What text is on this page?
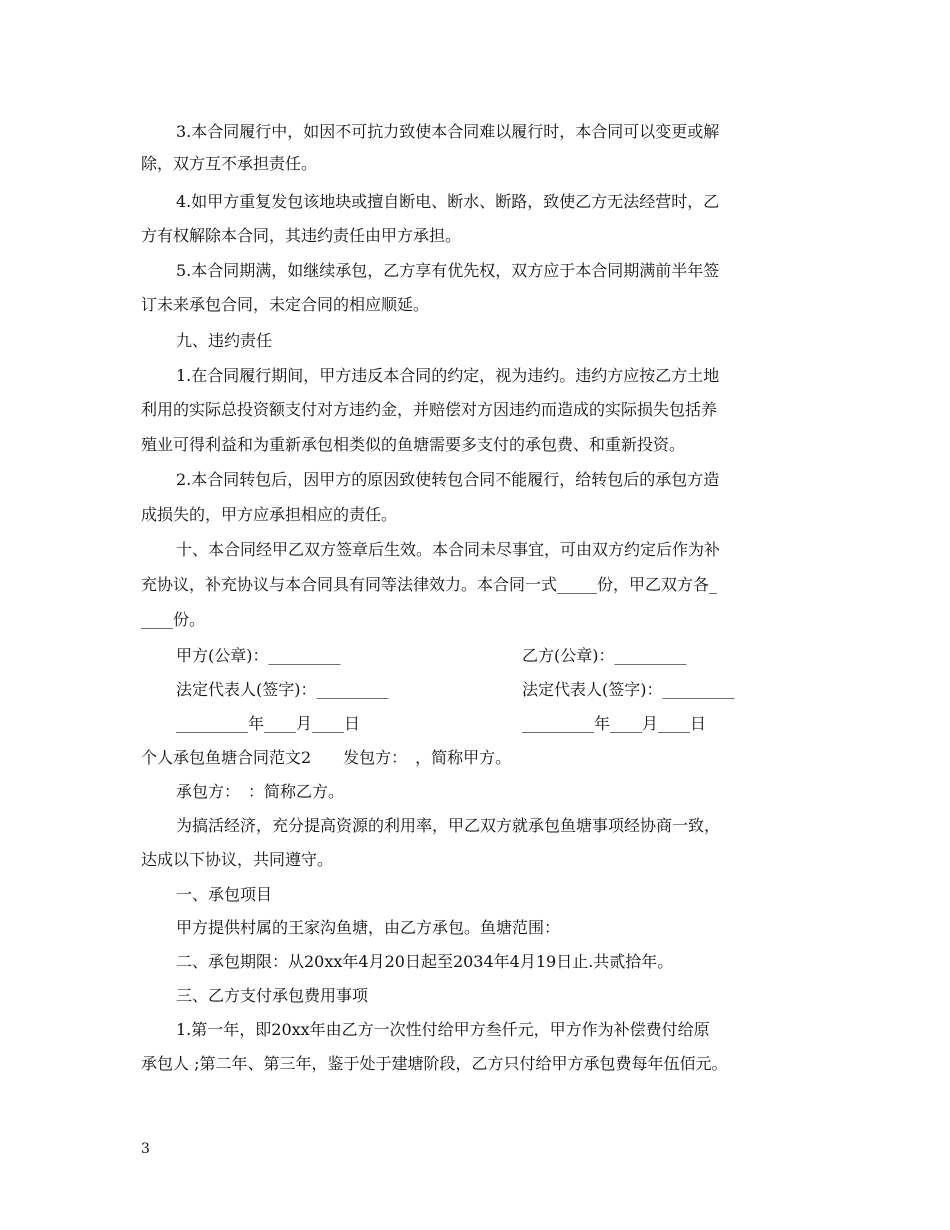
3.本合同履行中，如因不可抗力致使本合同难以履行时，本合同可以变更或解
除，双方互不承担责任。
4.如甲方重复发包该地块或擅自断电、断水、断路，致使乙方无法经营时，乙
方有权解除本合同，其违约责任由甲方承担。
5.本合同期满，如继续承包，乙方享有优先权，双方应于本合同期满前半年签
订未来承包合同，未定合同的相应顺延。
九、违约责任
1.在合同履行期间，甲方违反本合同的约定，视为违约。违约方应按乙方土地
利用的实际总投资额支付对方违约金，并赔偿对方因违约而造成的实际损失包括养
殖业可得利益和为重新承包相类似的鱼塘需要多支付的承包费、和重新投资。
2.本合同转包后，因甲方的原因致使转包合同不能履行，给转包后的承包方造
成损失的，甲方应承担相应的责任。
十、本合同经甲乙双方签章后生效。本合同未尽事宜，可由双方约定后作为补
充协议，补充协议与本合同具有同等法律效力。本合同一式_____份，甲乙双方各_
____份。
甲方(公章)：_________	乙方(公章)：_________
法定代表人(签字)：_________	法定代表人(签字)：_________
_________年____月____日	_________年____月____日
个人承包鱼塘合同范文2　　发包方：　，简称甲方。
承包方：　：简称乙方。
为搞活经济，充分提高资源的利用率，甲乙双方就承包鱼塘事项经协商一致，
达成以下协议，共同遵守。
一、承包项目
甲方提供村属的王家沟鱼塘，由乙方承包。鱼塘范围：
二、承包期限：从20xx年4月20日起至2034年4月19日止.共贰拾年。
三、乙方支付承包费用事项
1.第一年，即20xx年由乙方一次性付给甲方叁仟元，甲方作为补偿费付给原
承包人 ;第二年、第三年，鉴于处于建塘阶段，乙方只付给甲方承包费每年伍佰元。
3
